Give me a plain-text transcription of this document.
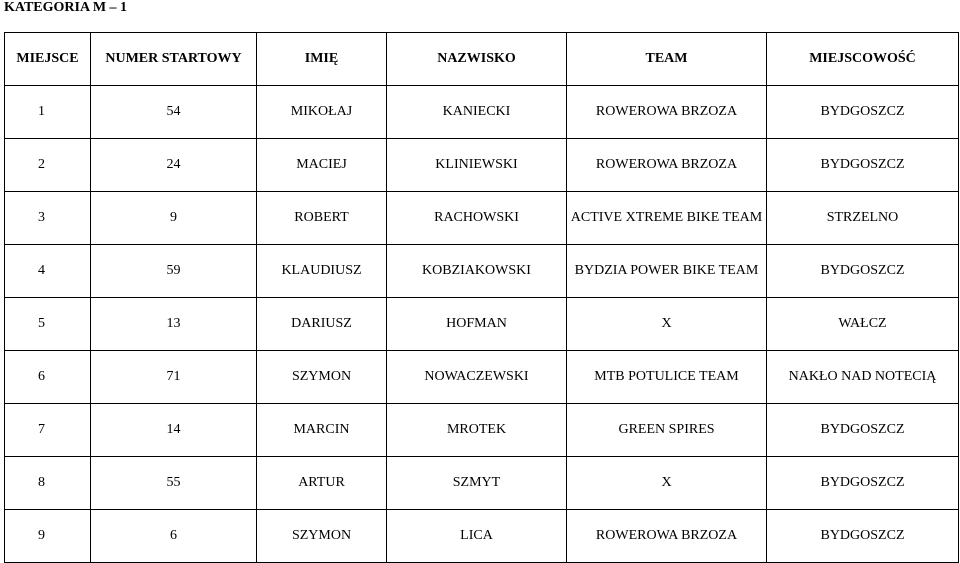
KATEGORIA M – 1
MIEJSCE	NUMER STARTOWY	IMIĘ	NAZWISKO	TEAM	MIEJSCOWOŚĆ
1	54	MIKOŁAJ	KANIECKI	ROWEROWA BRZOZA	BYDGOSZCZ
2	24	MACIEJ	KLINIEWSKI	ROWEROWA BRZOZA	BYDGOSZCZ
3	9	ROBERT	RACHOWSKI	ACTIVE XTREME BIKE TEAM	STRZELNO
4	59	KLAUDIUSZ	KOBZIAKOWSKI	BYDZIA POWER BIKE TEAM	BYDGOSZCZ
5	13	DARIUSZ	HOFMAN	X	WAŁCZ
6	71	SZYMON	NOWACZEWSKI	MTB POTULICE TEAM	NAKŁO NAD NOTECIĄ
7	14	MARCIN	MROTEK	GREEN SPIRES	BYDGOSZCZ
8	55	ARTUR	SZMYT	X	BYDGOSZCZ
9	6	SZYMON	LICA	ROWEROWA BRZOZA	BYDGOSZCZ
